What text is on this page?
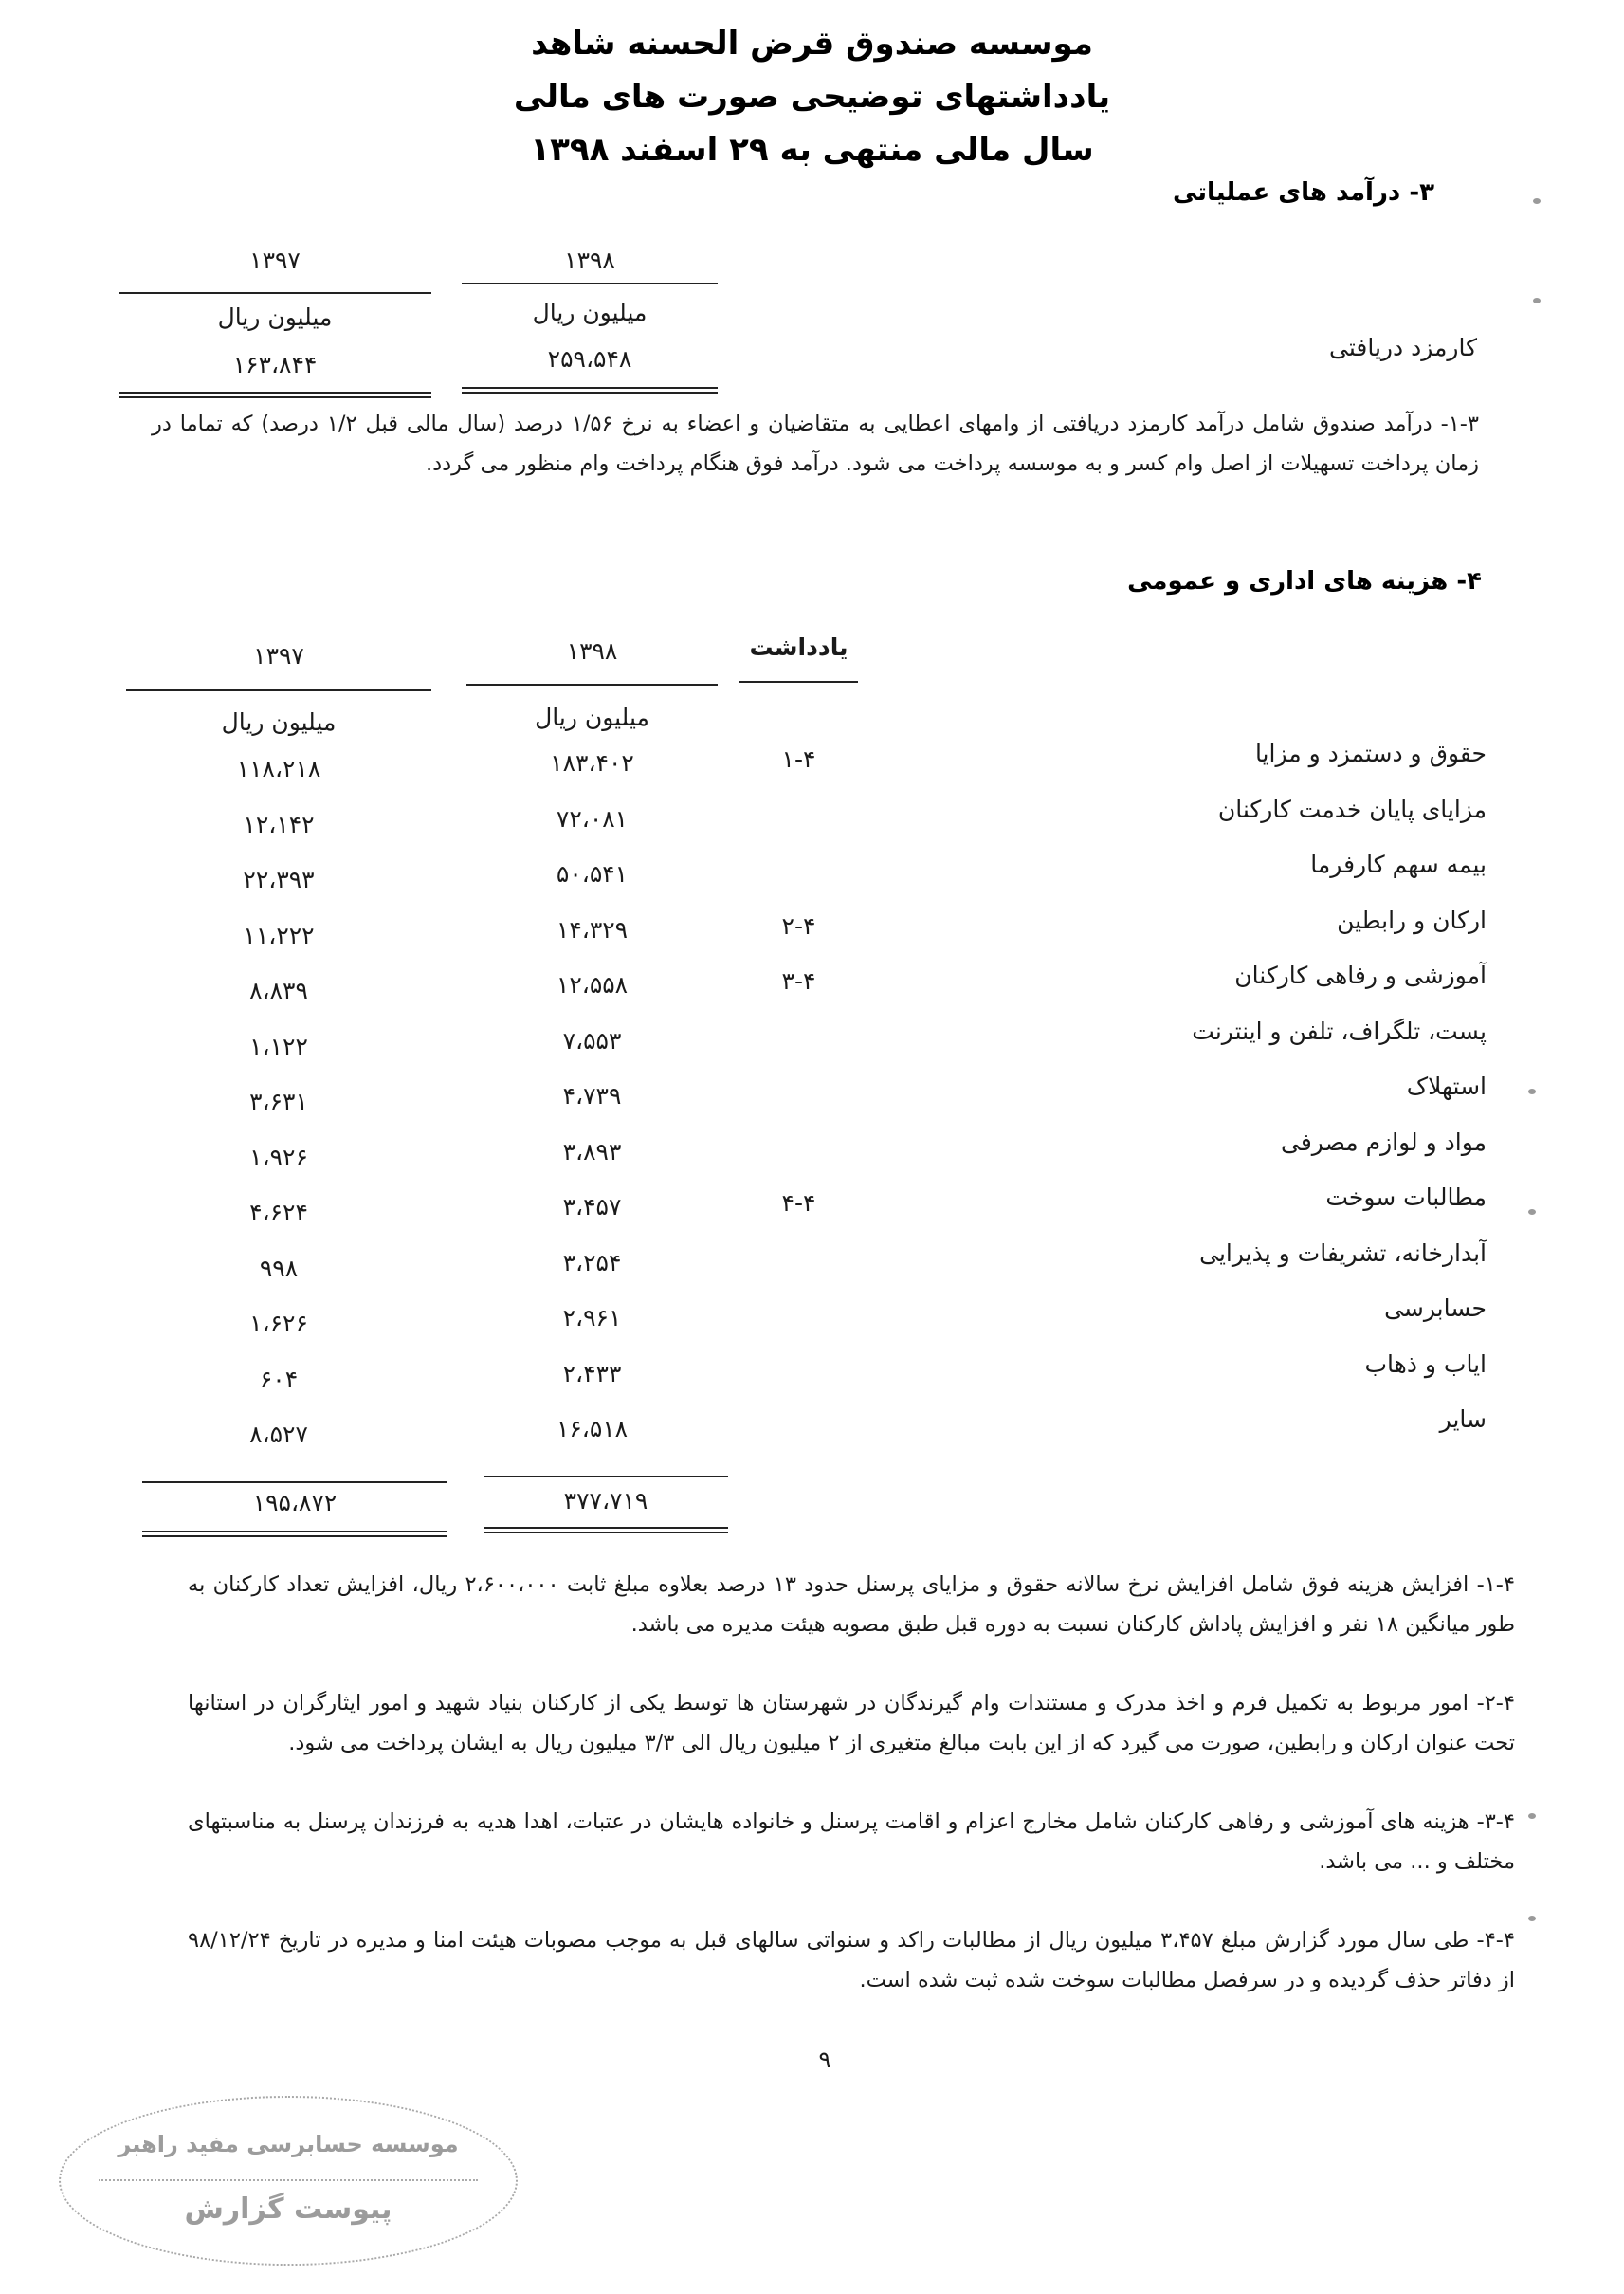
موسسه صندوق قرض الحسنه شاهد
یادداشتهای توضیحی صورت های مالی
سال مالی منتهی به ۲۹ اسفند ۱۳۹۸
۳- درآمد های عملیاتی
۱۳۹۸
۱۳۹۷
میلیون ریال
میلیون ریال
کارمزد دریافتی
۲۵۹،۵۴۸
۱۶۳،۸۴۴
۱-۳- درآمد صندوق شامل درآمد کارمزد دریافتی از وامهای اعطایی به متقاضیان و اعضاء به نرخ ۱/۵۶ درصد (سال مالی قبل ۱/۲ درصد) که تماما در زمان پرداخت تسهیلات از اصل وام کسر و به موسسه پرداخت می شود. درآمد فوق هنگام پرداخت وام منظور می گردد.
۴- هزینه های اداری و عمومی
یادداشت
۱۳۹۸
۱۳۹۷
میلیون ریال
میلیون ریال
حقوق و دستمزد و مزایا
۱-۴
۱۸۳،۴۰۲
۱۱۸،۲۱۸
مزایای پایان خدمت کارکنان
۷۲،۰۸۱
۱۲،۱۴۲
بیمه سهم کارفرما
۵۰،۵۴۱
۲۲،۳۹۳
ارکان و رابطین
۲-۴
۱۴،۳۲۹
۱۱،۲۲۲
آموزشی و رفاهی کارکنان
۳-۴
۱۲،۵۵۸
۸،۸۳۹
پست، تلگراف، تلفن و اینترنت
۷،۵۵۳
۱،۱۲۲
استهلاک
۴،۷۳۹
۳،۶۳۱
مواد و لوازم مصرفی
۳،۸۹۳
۱،۹۲۶
مطالبات سوخت
۴-۴
۳،۴۵۷
۴،۶۲۴
آبدارخانه، تشریفات و پذیرایی
۳،۲۵۴
۹۹۸
حسابرسی
۲،۹۶۱
۱،۶۲۶
ایاب و ذهاب
۲،۴۳۳
۶۰۴
سایر
۱۶،۵۱۸
۸،۵۲۷
۳۷۷،۷۱۹
۱۹۵،۸۷۲
۱-۴- افزایش هزینه فوق شامل افزایش نرخ سالانه حقوق و مزایای پرسنل حدود ۱۳ درصد بعلاوه مبلغ ثابت ۲،۶۰۰،۰۰۰ ریال، افزایش تعداد کارکنان به طور میانگین ۱۸ نفر و افزایش پاداش کارکنان نسبت به دوره قبل طبق مصوبه هیئت مدیره می باشد.
۲-۴- امور مربوط به تکمیل فرم و اخذ مدرک و مستندات وام گیرندگان در شهرستان ها توسط یکی از کارکنان بنیاد شهید و امور ایثارگران در استانها تحت عنوان ارکان و رابطین، صورت می گیرد که از این بابت مبالغ متغیری از ۲ میلیون ریال الی ۳/۳ میلیون ریال به ایشان پرداخت می شود.
۳-۴- هزینه های آموزشی و رفاهی کارکنان شامل مخارج اعزام و اقامت پرسنل و خانواده هایشان در عتبات، اهدا هدیه به فرزندان پرسنل به مناسبتهای مختلف و ... می باشد.
۴-۴- طی سال مورد گزارش مبلغ ۳،۴۵۷ میلیون ریال از مطالبات راکد و سنواتی سالهای قبل به موجب مصوبات هیئت امنا و مدیره در تاریخ ۹۸/۱۲/۲۴ از دفاتر حذف گردیده و در سرفصل مطالبات سوخت شده ثبت شده است.
۹
موسسه حسابرسی مفید راهبر
پیوست گزارش
